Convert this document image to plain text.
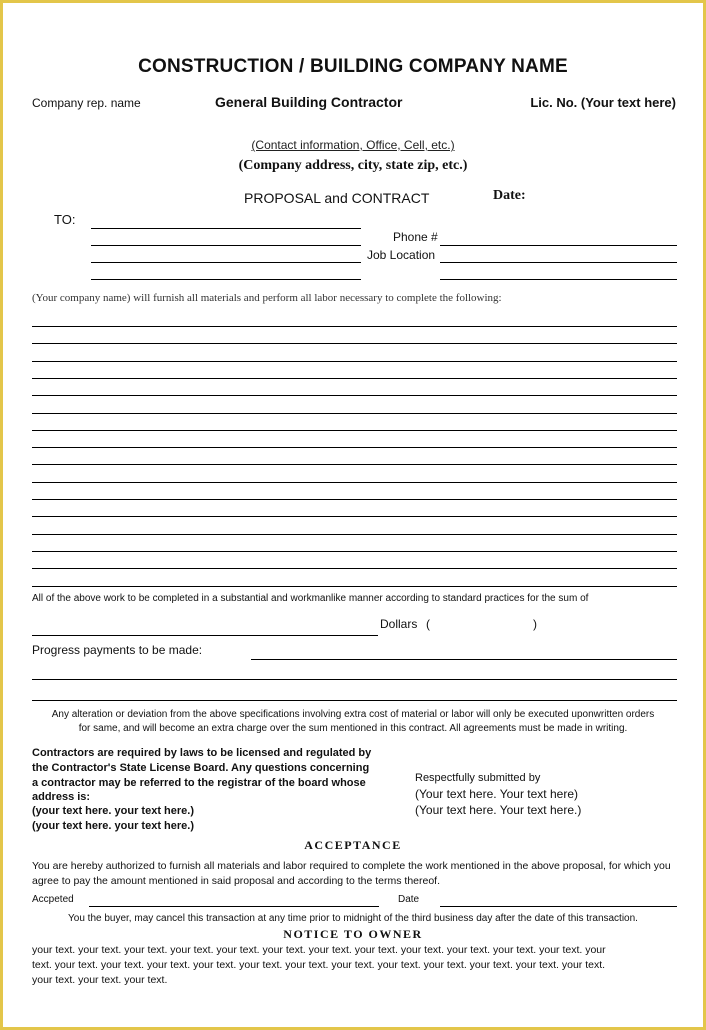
CONSTRUCTION / BUILDING COMPANY NAME
Company rep. name	General Building Contractor	Lic. No. (Your text here)
(Contact information, Office, Cell, etc.)
(Company address, city, state zip, etc.)
PROPOSAL and CONTRACT	Date:
TO:
Phone #
Job Location
(Your company name) will furnish all materials and perform all labor necessary to complete the following:
All of the above work to be completed in a substantial and workmanlike manner according to standard practices for the sum of
Dollars (	)
Progress payments to be made:
Any alteration or deviation from the above specifications involving extra cost of material or labor will only be executed uponwritten orders
for same, and will become an extra charge over the sum mentioned in this contract. All agreements must be made in writing.
Contractors are required by laws to be licensed and regulated by
the Contractor's State License Board. Any questions concerning
a contractor may be referred to the registrar of the board whose
address is:
(your text here. your text here.)
(your text here. your text here.)
Respectfully submitted by
(Your text here. Your text here)
(Your text here. Your text here.)
ACCEPTANCE
You are hereby authorized to furnish all materials and labor required to complete the work mentioned in the above proposal, for which you
agree to pay the amount mentioned in said proposal and according to the terms thereof.
Accpeted	Date
You the buyer, may cancel this transaction at any time prior to midnight of the third business day after the date of this transaction.
NOTICE TO OWNER
your text. your text. your text. your text. your text. your text. your text. your text. your text. your text. your text. your text. your
text. your text. your text. your text. your text. your text. your text. your text. your text. your text. your text. your text. your text.
your text. your text. your text.
